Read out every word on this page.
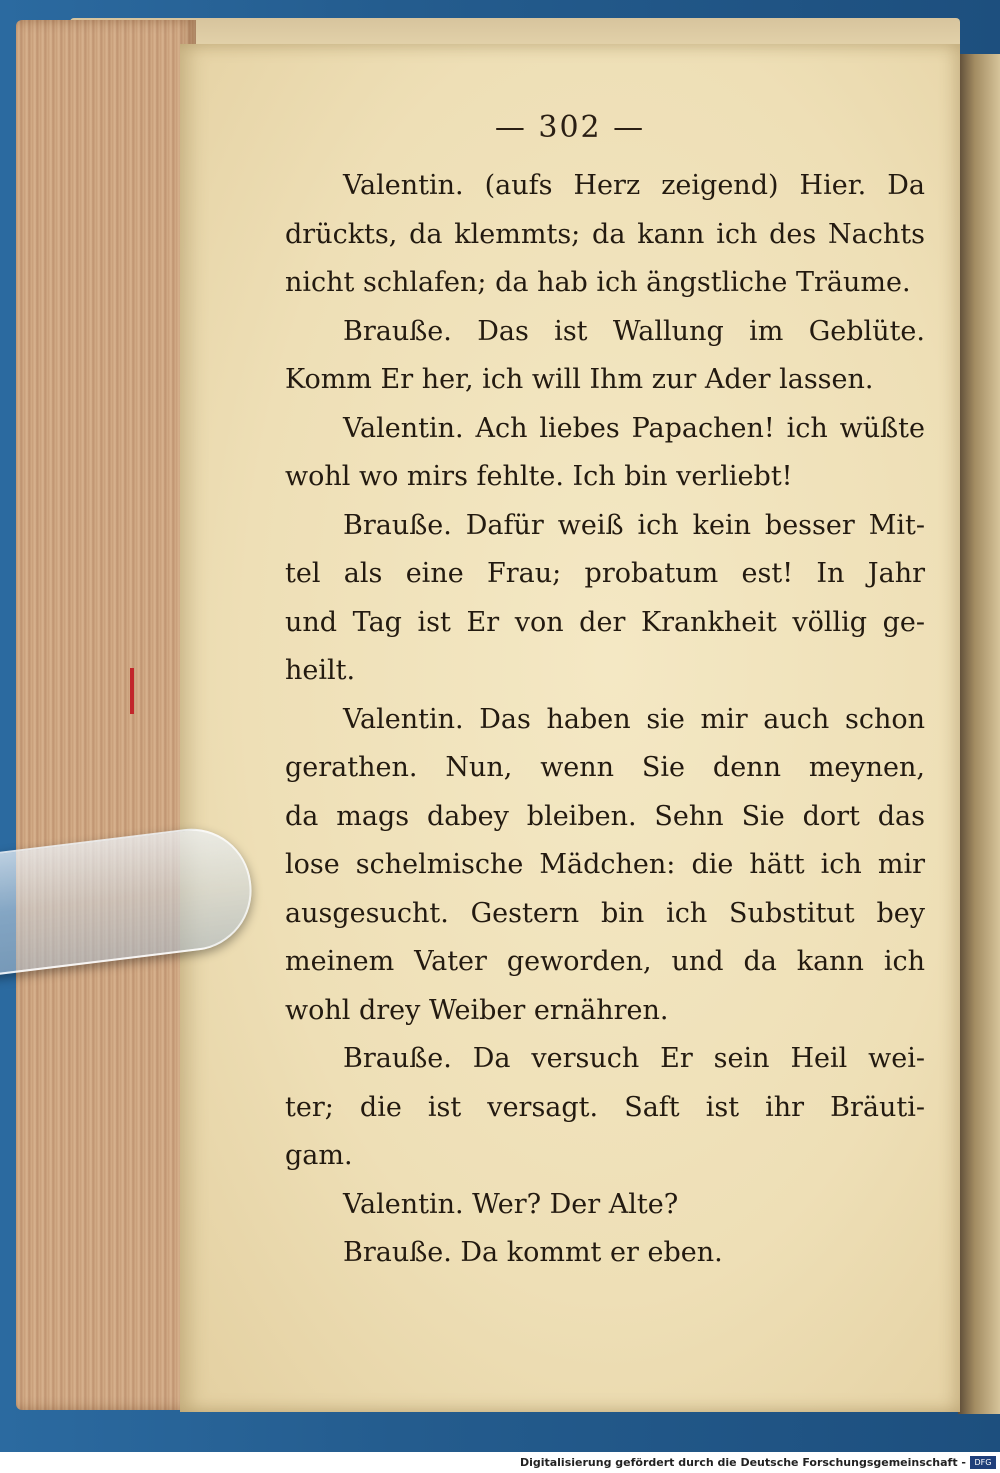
— 302 —
Valentin. (aufs Herz zeigend) Hier. Da
drückts, da klemmts; da kann ich des Nachts
nicht schlafen; da hab ich ängstliche Träume.
Brauße. Das ist Wallung im Geblüte.
Komm Er her, ich will Ihm zur Ader lassen.
Valentin. Ach liebes Papachen! ich wüßte
wohl wo mirs fehlte. Ich bin verliebt!
Brauße. Dafür weiß ich kein besser Mit-
tel als eine Frau; probatum est! In Jahr
und Tag ist Er von der Krankheit völlig ge-
heilt.
Valentin. Das haben sie mir auch schon
gerathen. Nun, wenn Sie denn meynen,
da mags dabey bleiben. Sehn Sie dort das
lose schelmische Mädchen: die hätt ich mir
ausgesucht. Gestern bin ich Substitut bey
meinem Vater geworden, und da kann ich
wohl drey Weiber ernähren.
Brauße. Da versuch Er sein Heil wei-
ter; die ist versagt. Saft ist ihr Bräuti-
gam.
Valentin. Wer? Der Alte?
Brauße. Da kommt er eben.
Digitalisierung gefördert durch die Deutsche Forschungsgemeinschaft -	DFG
